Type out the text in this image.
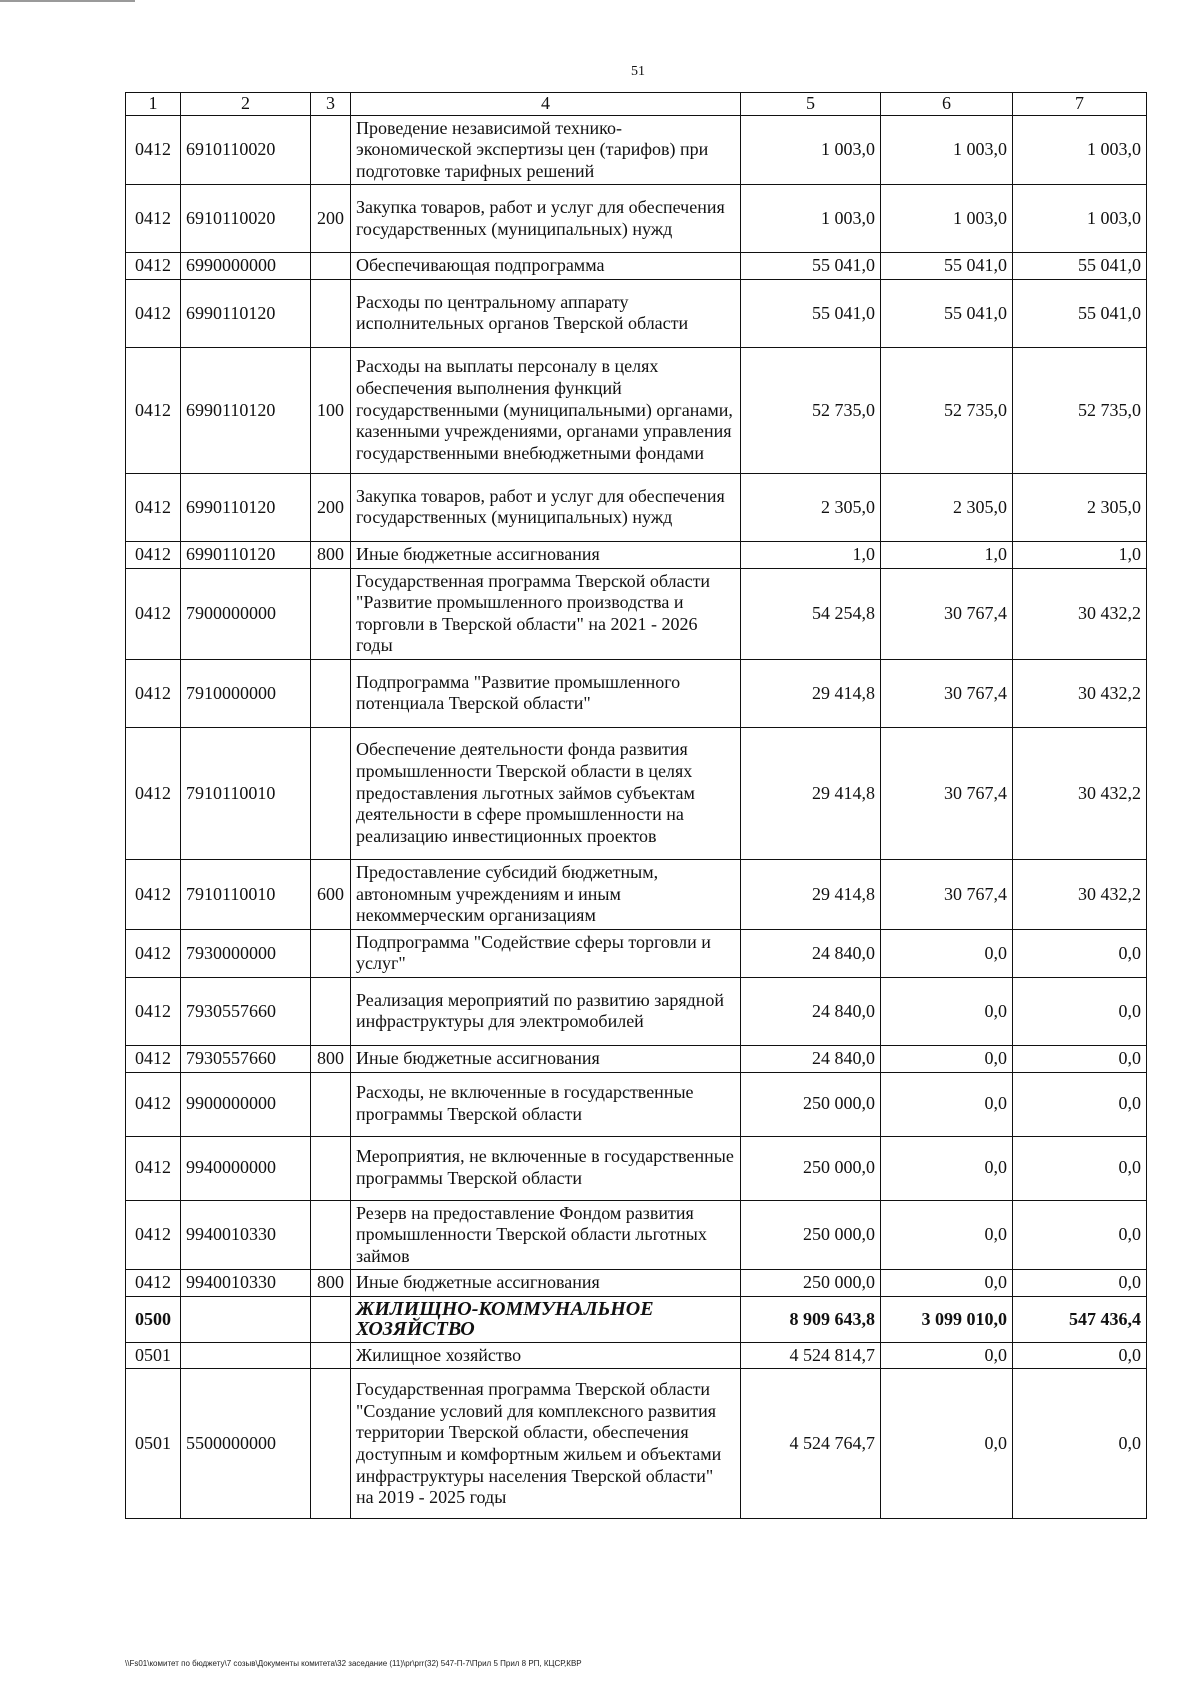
51
1	2	3	4	5	6	7
0412	6910110020		Проведение независимой технико-экономической экспертизы цен (тарифов) при подготовке тарифных решений	1 003,0	1 003,0	1 003,0
0412	6910110020	200	Закупка товаров, работ и услуг для обеспечения государственных (муниципальных) нужд	1 003,0	1 003,0	1 003,0
0412	6990000000		Обеспечивающая подпрограмма	55 041,0	55 041,0	55 041,0
0412	6990110120		Расходы по центральному аппарату исполнительных органов Тверской области	55 041,0	55 041,0	55 041,0
0412	6990110120	100	Расходы на выплаты персоналу в целях обеспечения выполнения функций государственными (муниципальными) органами, казенными учреждениями, органами управления государственными внебюджетными фондами	52 735,0	52 735,0	52 735,0
0412	6990110120	200	Закупка товаров, работ и услуг для обеспечения государственных (муниципальных) нужд	2 305,0	2 305,0	2 305,0
0412	6990110120	800	Иные бюджетные ассигнования	1,0	1,0	1,0
0412	7900000000		Государственная программа Тверской области "Развитие промышленного производства и торговли в Тверской области" на 2021 - 2026 годы	54 254,8	30 767,4	30 432,2
0412	7910000000		Подпрограмма "Развитие промышленного потенциала Тверской области"	29 414,8	30 767,4	30 432,2
0412	7910110010		Обеспечение деятельности фонда развития промышленности Тверской области в целях предоставления льготных займов субъектам деятельности в сфере промышленности на реализацию инвестиционных проектов	29 414,8	30 767,4	30 432,2
0412	7910110010	600	Предоставление субсидий бюджетным, автономным учреждениям и иным некоммерческим организациям	29 414,8	30 767,4	30 432,2
0412	7930000000		Подпрограмма "Содействие сферы торговли и услуг"	24 840,0	0,0	0,0
0412	7930557660		Реализация мероприятий по развитию зарядной инфраструктуры для электромобилей	24 840,0	0,0	0,0
0412	7930557660	800	Иные бюджетные ассигнования	24 840,0	0,0	0,0
0412	9900000000		Расходы, не включенные в государственные программы Тверской области	250 000,0	0,0	0,0
0412	9940000000		Мероприятия, не включенные в государственные программы Тверской области	250 000,0	0,0	0,0
0412	9940010330		Резерв на предоставление Фондом развития промышленности Тверской области льготных займов	250 000,0	0,0	0,0
0412	9940010330	800	Иные бюджетные ассигнования	250 000,0	0,0	0,0
0500			ЖИЛИЩНО-КОММУНАЛЬНОЕ ХОЗЯЙСТВО	8 909 643,8	3 099 010,0	547 436,4
0501			Жилищное хозяйство	4 524 814,7	0,0	0,0
0501	5500000000		Государственная программа Тверской области "Создание условий для комплексного развития территории Тверской области, обеспечения доступным и комфортным жильем и объектами инфраструктуры населения Тверской области" на 2019 - 2025 годы	4 524 764,7	0,0	0,0
\\Fs01\комитет по бюджету\7 созыв\Документы комитета\32 заседание (11)\pr\prr(32) 547-П-7\Прил 5 Прил 8 РП, КЦСР,КВР
